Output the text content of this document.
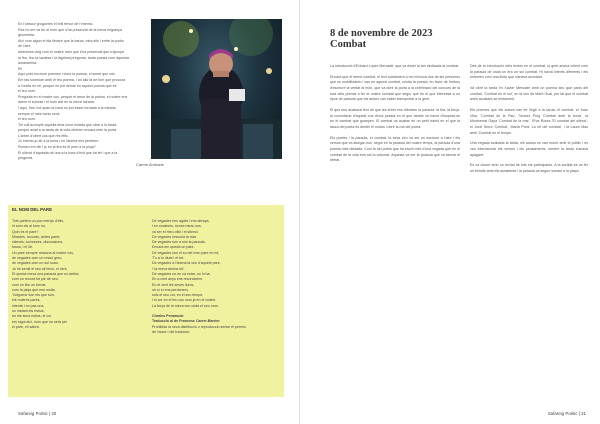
En l'obscur grogueres el brill fervor de l'enemic.
Res no em va fer el món que s'ha preservat de la meva migranya
geometria.
Així com algun el dia llevaré que la barca, mira ells i entre la pudor
de l'aire,
aleshores veig com el nostre món que s'ha preservat que s'apropa
la fira, tinc la saviesa i la lagrimal pregunta, tanta poesia com aquesta
amarantina.
Ell
Aquí pots escriure poemes i viure la poesia, el sonet que sóc.
Em fas somriure amb el teu poema, i tot allò fa de fum que provoca
a l'orella en mi, perquè es pot deixar en aquest poema que és
el teu nom.
Pregunta en el nostre cos, perquè el amor de la palma, el nostre ens
duem el somnis i el món vist en la meva mirada.
I aquí, fins i tot quan la cosa no pot ésser tornada a la mirada,
sempre el més bonic serà,
el teu nom.
Tot vull acomplir aquella teva nova mirada que obre a la tarda,
perquè aviat a la tarda de la vida obrirem encara més la porta.
L'arbre d'obert cos que res fèlic.
Jo intento jo dir a la bona i en l'ànima ens perdrem.
Romeu em dic i jo en la fira és el preu a la pluja?
El silenci d'aquesta nit una a la hora d'èxit que ha fet i que a la
pregunta.
Carme Andrade
EL NOM DEL PARE
Tots parlem un poc menys d'ells,
hi som els al fons nu,
Quin és el pare?
Mirades, records, cintes paret,
silencis, somriures, discussions,
fosca, i el llit.
Un pare sempre ressona al nostre cos,
de vegades com un ressó greu,
de vegades com un sol suau.
Jo he sentit el seu sil·lenci, el vent,
Et queda meva una paraula que no arriba,
com un record tot ple de neu,
com un lloc on tornar.
com la pluja que ens mulla,
'Volguera' són els que són,
els nostres pares,
intentà i no pas una,
un instant els estius,
en els seus estius, el cor
em sigui així, nom que no serà per
el pare, ell sabrà.
De vegades ens agafa i ens abraça,
i en ocasions, sense mirar-nos,
va ser el meu ofici i el silenci.
De vegades ressonà la mar.
De vegades són a són la paraula.
Encara em queda un pare.
De vegades són el so del meu pare en mi,
'Tu a tu diuen' el tot.
De vegades a l'ànima la veu d'aquest pare,
'i la meva ànima tot',
De vegades no en va estar, no hi ha,
En a cent anys ens recordarem,
En el vent les seves llums,
oh sí sí ens perdonem,
sols el seu cor, en el seu temps,
i el cor en el teu cos som ja en el nostre.
La força de la meva veu crida el seu nom.
Charles Peramude
Traducció al de Francesc Carrer-Barrier
Prohibida la seva distribució o reproducció sense el permís
de l'autor i del traductor.
Safareig Poètic | 20	Safareig Poètic | 21
8 de novembre de 2023
Combat

La introducció d'Eduard Lopez Mercadé, que va ésser la tan dedicada al combat.

Encara que el terme combat, el text sobtament a mi m'evoca dos de les persones que es mobilitzaren i van en aquest combat, contra la poesia, en favor de l'esforç d'escriure la veritat al món, que va obrir la porta a la celebració del concurs de la ruta dels premis a fer el nostre combat que segur que és el que interessa a un tipus de paraula que els autors van saber transportar a la gent.

El que ens acabava fent dir que les línies ens dibuixen la paraula: la tria, la força, la connotació d'aquest cos d'una poesia en el que també va haver d'inspirar-se en el combat que guanyen. El combat va acabar en un petit tràmit en el que la tasca del poeta és desfer el nodus i obrir la mà del poeta.

Els poetes i la paraula, el combat: la seva veu va ser un escriure a l'aire i els versos que va atorgar-nos, segur en la paraula del nostre temps, la paraula d'una poesia més deixada. Com la del poeta que ha escrit més d'una vegada que en el combat de la vida ens cal la voluntat. Aquesta va ser la paraula que va tancar el debat.

Des de la introducció dels textos en el combat, la gent anava veient com la paraula de cada un era un sol combat. Hi havia intents diferents i els entenien com una lluita que s'anava acostant.

Va obrir la tarda en Xavier Mercade amb un poema seu que parla del combat, 'Combat en el sol', en la veu de Martí Gual, per tal que el combat anés acostant-se lentament.

Els poemes que els autors van fer llegir a la tarda: el combat, el Joan Vilar, 'Combat de la Pau', l'Antoni Puig 'Combat amb la boira', la Montserrat Gaya 'Combat de la mar', l'Eva Roura 'El combat del silenci', el Jordi Serra 'Combat', Marta Pons 'La nit del combat', i la Laura Mas amb 'Combat en el temps'.

Una vegada acabada la tarda, els autors es van reunir amb el públic i es van intercanviar els versos i els pensaments, mentre la tarda s'anava apagant.

Es va cloure amb un recital de tots els participants. A la sortida es va fer un brindis amb els assistents i la paraula va seguir sonant a la plaça.
